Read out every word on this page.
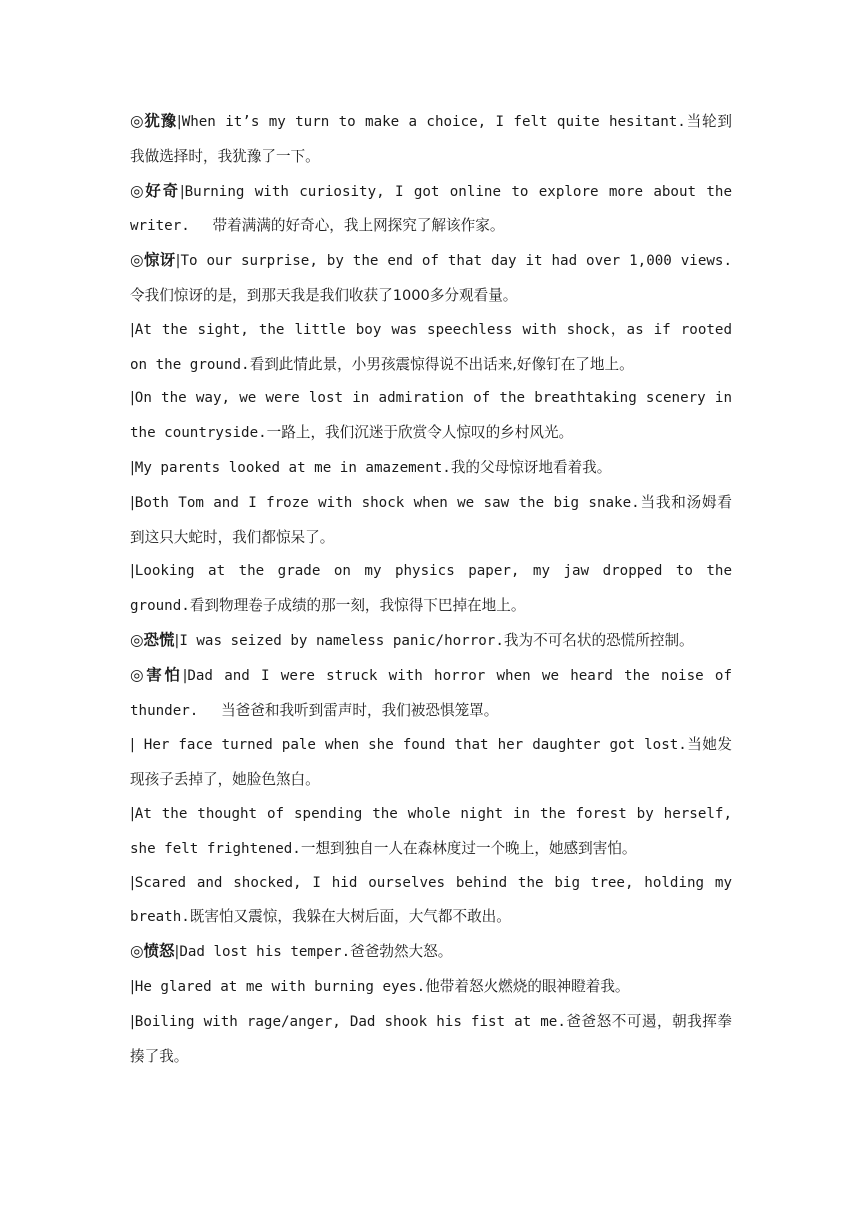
◎犹豫|When it’s my turn to make a choice, I felt quite hesitant.当轮到我做选择时，我犹豫了一下。

◎好奇|Burning with curiosity, I got online to explore more about the writer.　 带着满满的好奇心，我上网探究了解该作家。

◎惊讶|To our surprise, by the end of that day it had over 1,000 views.令我们惊讶的是，到那天我是我们收获了1000多分观看量。

|At the sight, the little boy was speechless with shock，as if rooted on the ground.看到此情此景，小男孩震惊得说不出话来,好像钉在了地上。

|On the way, we were lost in admiration of the breathtaking scenery in the countryside.一路上，我们沉迷于欣赏令人惊叹的乡村风光。

|My parents looked at me in amazement.我的父母惊讶地看着我。

|Both Tom and I froze with shock when we saw the big snake.当我和汤姆看到这只大蛇时，我们都惊呆了。

|Looking at the grade on my physics paper, my jaw dropped to the ground.看到物理卷子成绩的那一刻，我惊得下巴掉在地上。

◎恐慌|I was seized by nameless panic/horror.我为不可名状的恐慌所控制。

◎害怕|Dad and I were struck with horror when we heard the noise of thunder.　 当爸爸和我听到雷声时，我们被恐惧笼罩。

| Her face turned pale when she found that her daughter got lost.当她发现孩子丢掉了，她脸色煞白。

|At the thought of spending the whole night in the forest by herself, she felt frightened.一想到独自一人在森林度过一个晚上，她感到害怕。

|Scared and shocked, I hid ourselves behind the big tree, holding my breath.既害怕又震惊，我躲在大树后面，大气都不敢出。

◎愤怒|Dad lost his temper.爸爸勃然大怒。

|He glared at me with burning eyes.他带着怒火燃烧的眼神瞪着我。

|Boiling with rage/anger, Dad shook his fist at me.爸爸怒不可遏，朝我挥拳揍了我。
